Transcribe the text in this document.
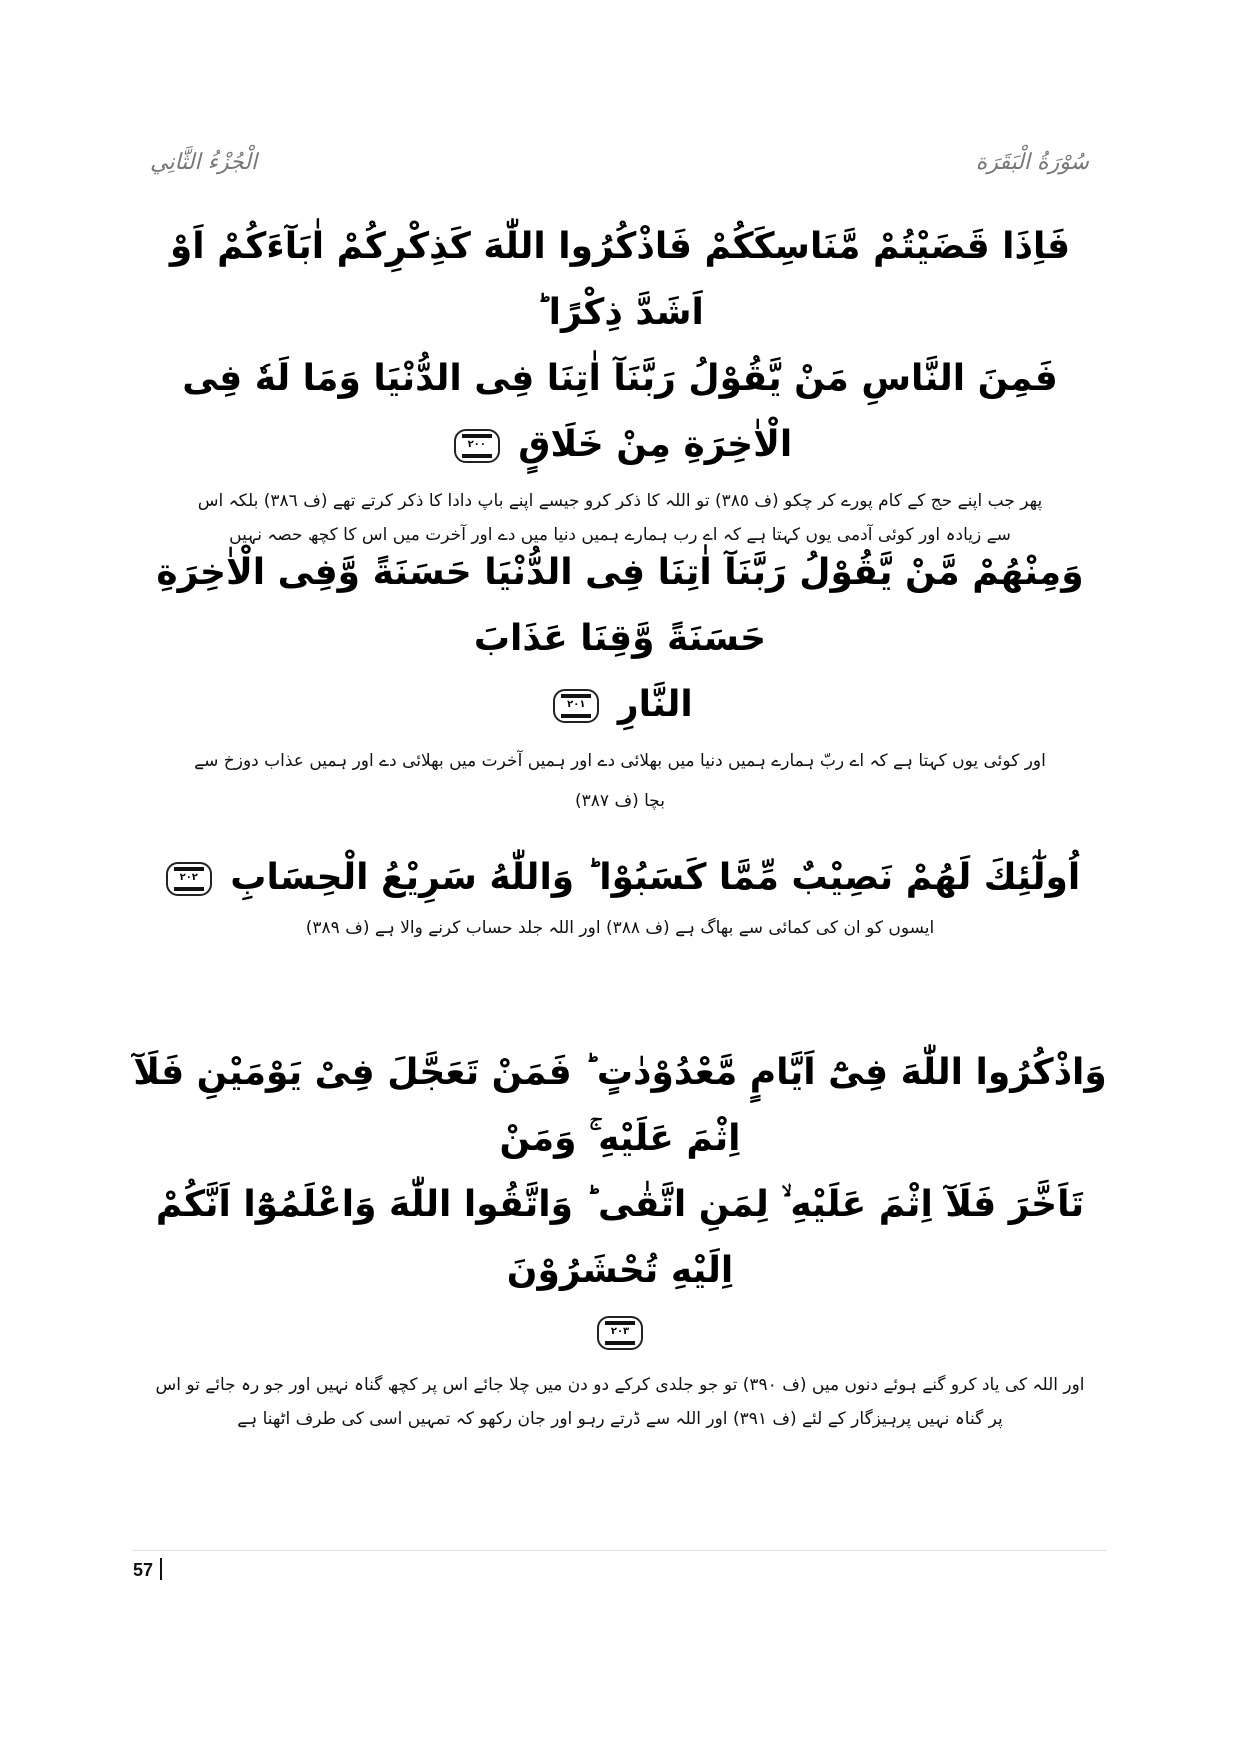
الْجُزْءُ الثَّانِي	سُوْرَةُ الْبَقَرَة

فَاِذَا قَضَيْتُمْ مَّنَاسِكَكُمْ فَاذْكُرُوا اللّٰهَ كَذِكْرِكُمْ اٰبَآءَكُمْ اَوْ اَشَدَّ ذِكْرًا ؕ

فَمِنَ النَّاسِ مَنْ يَّقُوْلُ رَبَّنَآ اٰتِنَا فِی الدُّنْيَا وَمَا لَهٗ فِی الْاٰخِرَةِ مِنْ خَلَاقٍ
٢٠٠

پھر جب اپنے حج کے کام پورے کر چکو (ف ٣٨٥) تو اللہ کا ذکر کرو جیسے اپنے باپ دادا کا ذکر کرتے تھے (ف ٣٨٦) بلکہ اس

سے زیادہ اور کوئی آدمی یوں کہتا ہے کہ اے رب ہمارے ہمیں دنیا میں دے اور آخرت میں اس کا کچھ حصہ نہیں

وَمِنْهُمْ مَّنْ يَّقُوْلُ رَبَّنَآ اٰتِنَا فِی الدُّنْيَا حَسَنَةً وَّفِی الْاٰخِرَةِ حَسَنَةً وَّقِنَا عَذَابَ

النَّارِ
٢٠١

اور کوئی یوں کہتا ہے کہ اے ربّ ہمارے ہمیں دنیا میں بھلائی دے اور ہمیں آخرت میں بھلائی دے اور ہمیں عذاب دوزخ سے

بچا (ف ٣٨٧)

اُولٰٓئِكَ لَهُمْ نَصِيْبٌ مِّمَّا كَسَبُوْا ؕ وَاللّٰهُ سَرِيْعُ الْحِسَابِ
٢٠٢

ایسوں کو ان کی کمائی سے بھاگ ہے (ف ٣٨٨) اور اللہ جلد حساب کرنے والا ہے (ف ٣٨٩)

وَاذْكُرُوا اللّٰهَ فِیْٓ اَيَّامٍ مَّعْدُوْدٰتٍ ؕ فَمَنْ تَعَجَّلَ فِیْ يَوْمَيْنِ فَلَآ اِثْمَ عَلَيْهِ ۚ وَمَنْ

تَاَخَّرَ فَلَآ اِثْمَ عَلَيْهِ ۙ لِمَنِ اتَّقٰى ؕ وَاتَّقُوا اللّٰهَ وَاعْلَمُوْٓا اَنَّكُمْ اِلَيْهِ تُحْشَرُوْنَ

٢٠٣

اور اللہ کی یاد کرو گنے ہوئے دنوں میں (ف ٣٩٠) تو جو جلدی کرکے دو دن میں چلا جائے اس پر کچھ گناہ نہیں اور جو رہ جائے تو اس

پر گناہ نہیں پرہیزگار کے لئے (ف ٣٩١) اور اللہ سے ڈرتے رہو اور جان رکھو کہ تمہیں اسی کی طرف اٹھنا ہے

57
